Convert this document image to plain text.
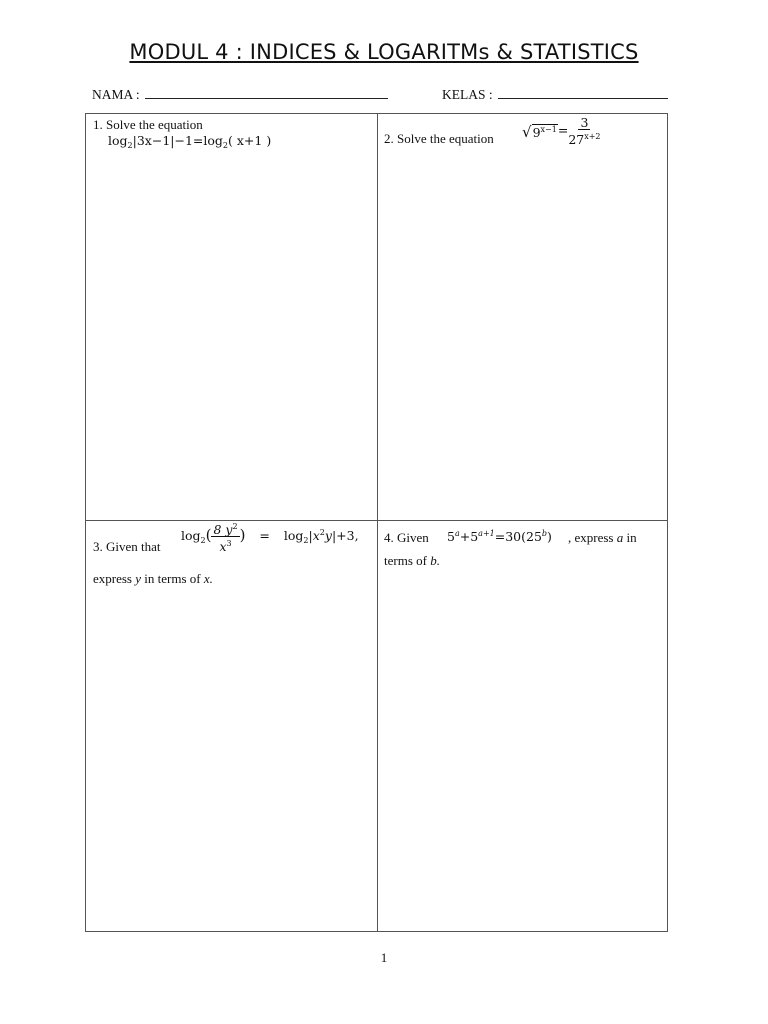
MODUL 4 : INDICES & LOGARITMs & STATISTICS
NAMA :	KELAS :
1. Solve the equation
$\log_2|3x-1|-1=\log_2$( x+1 )	2. Solve the equation $√9^{x-1}= \frac{3}{27^{x+2}}$
3. Given that
$\log_2( \frac{8 y^2}{x^3}$ ) = $\log_2|x^2y|+3$,
express y in terms of x.
4. Given $5^a+5^{a+1}=30(25^b)$ , express a in
terms of b.
1
